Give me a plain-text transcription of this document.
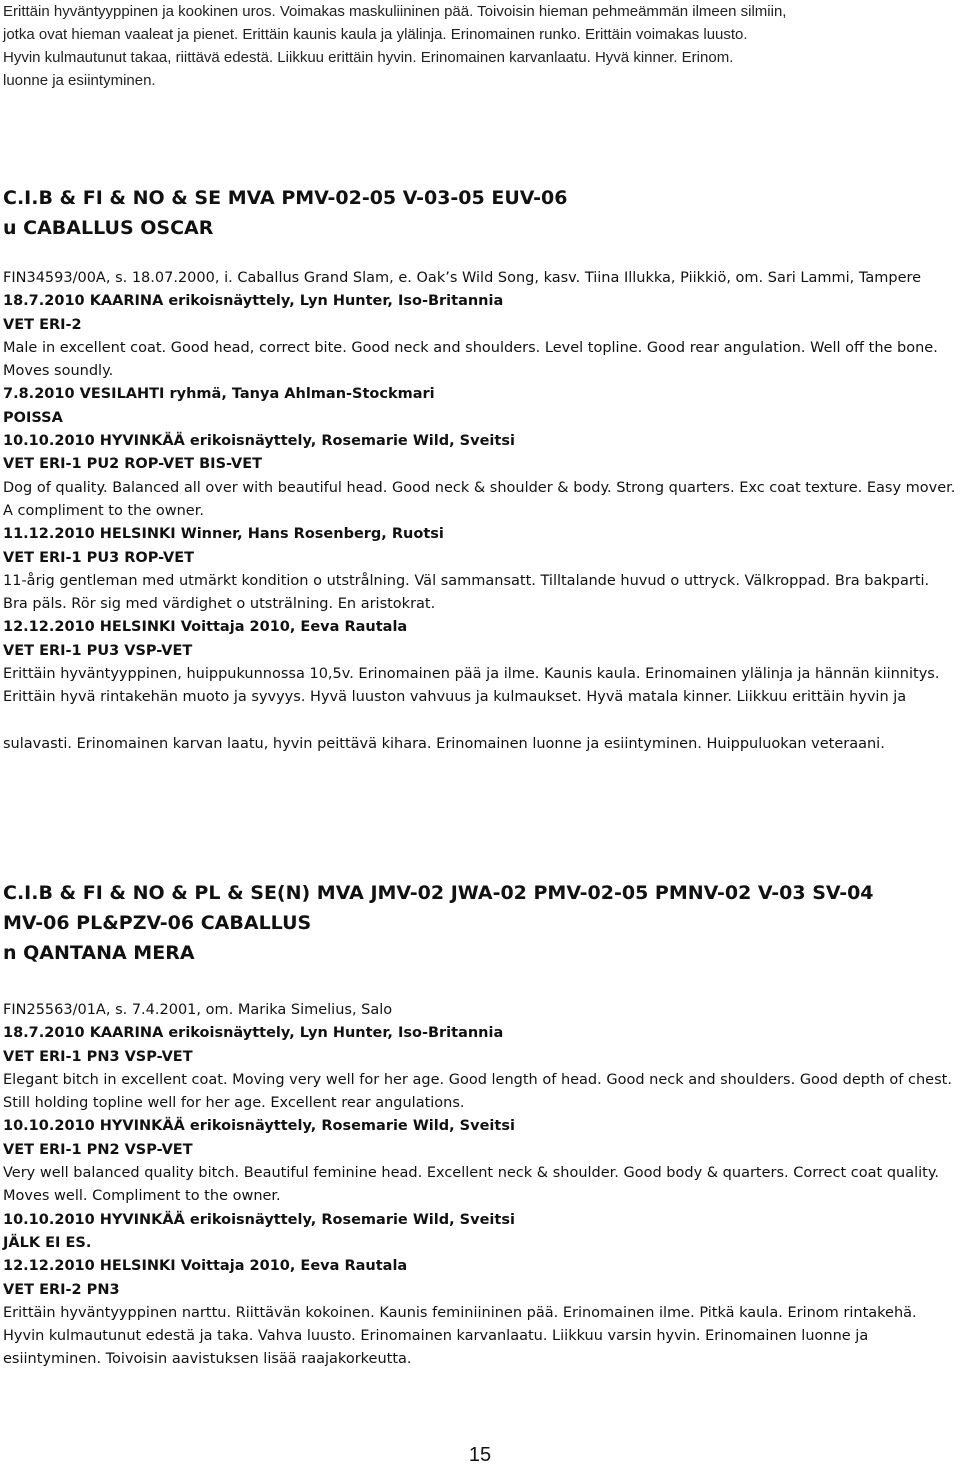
Erittäin hyväntyyppinen ja kookinen uros. Voimakas maskuliininen pää. Toivoisin hieman pehmeämmän ilmeen silmiin,
jotka ovat hieman vaaleat ja pienet. Erittäin kaunis kaula ja ylälinja. Erinomainen runko. Erittäin voimakas luusto.
Hyvin kulmautunut takaa, riittävä edestä. Liikkuu erittäin hyvin. Erinomainen karvanlaatu. Hyvä kinner. Erinom.
luonne ja esiintyminen.
C.I.B & FI & NO & SE MVA PMV-02-05 V-03-05 EUV-06
u CABALLUS OSCAR
FIN34593/00A, s. 18.07.2000, i. Caballus Grand Slam, e. Oak’s Wild Song, kasv. Tiina Illukka, Piikkiö, om. Sari Lammi, Tampere
18.7.2010 KAARINA erikoisnäyttely, Lyn Hunter, Iso-Britannia
VET ERI-2
Male in excellent coat. Good head, correct bite. Good neck and shoulders. Level topline. Good rear angulation. Well off the bone. Moves soundly.
7.8.2010 VESILAHTI ryhmä, Tanya Ahlman-Stockmari
POISSA
10.10.2010 HYVINKÄÄ erikoisnäyttely, Rosemarie Wild, Sveitsi
VET ERI-1 PU2 ROP-VET BIS-VET
Dog of quality. Balanced all over with beautiful head. Good neck & shoulder & body. Strong quarters. Exc coat texture. Easy mover. A compliment to the owner.
11.12.2010 HELSINKI Winner, Hans Rosenberg, Ruotsi
VET ERI-1 PU3 ROP-VET
11-årig gentleman med utmärkt kondition o utstrålning. Väl sammansatt. Tilltalande huvud o uttryck. Välkroppad. Bra bakparti. Bra päls. Rör sig med värdighet o utsträlning. En aristokrat.
12.12.2010 HELSINKI Voittaja 2010, Eeva Rautala
VET ERI-1 PU3 VSP-VET
Erittäin hyväntyyppinen, huippukunnossa 10,5v. Erinomainen pää ja ilme. Kaunis kaula. Erinomainen ylälinja ja hännän kiinnitys. Erittäin hyvä rintakehän muoto ja syvyys. Hyvä luuston vahvuus ja kulmaukset. Hyvä matala kinner. Liikkuu erittäin hyvin ja
sulavasti. Erinomainen karvan laatu, hyvin peittävä kihara. Erinomainen luonne ja esiintyminen. Huippuluokan veteraani.
C.I.B & FI & NO & PL & SE(N) MVA JMV-02 JWA-02 PMV-02-05 PMNV-02 V-03 SV-04
MV-06 PL&PZV-06 CABALLUS
n QANTANA MERA
FIN25563/01A, s. 7.4.2001, om. Marika Simelius, Salo
18.7.2010 KAARINA erikoisnäyttely, Lyn Hunter, Iso-Britannia
VET ERI-1 PN3 VSP-VET
Elegant bitch in excellent coat. Moving very well for her age. Good length of head. Good neck and shoulders. Good depth of chest. Still holding topline well for her age. Excellent rear angulations.
10.10.2010 HYVINKÄÄ erikoisnäyttely, Rosemarie Wild, Sveitsi
VET ERI-1 PN2 VSP-VET
Very well balanced quality bitch. Beautiful feminine head. Excellent neck & shoulder. Good body & quarters. Correct coat quality. Moves well. Compliment to the owner.
10.10.2010 HYVINKÄÄ erikoisnäyttely, Rosemarie Wild, Sveitsi
JÄLK EI ES.
12.12.2010 HELSINKI Voittaja 2010, Eeva Rautala
VET ERI-2 PN3
Erittäin hyväntyyppinen narttu. Riittävän kokoinen. Kaunis feminiininen pää. Erinomainen ilme. Pitkä kaula. Erinom rintakehä. Hyvin kulmautunut edestä ja taka. Vahva luusto. Erinomainen karvanlaatu. Liikkuu varsin hyvin. Erinomainen luonne ja esiintyminen. Toivoisin aavistuksen lisää raajakorkeutta.
15
